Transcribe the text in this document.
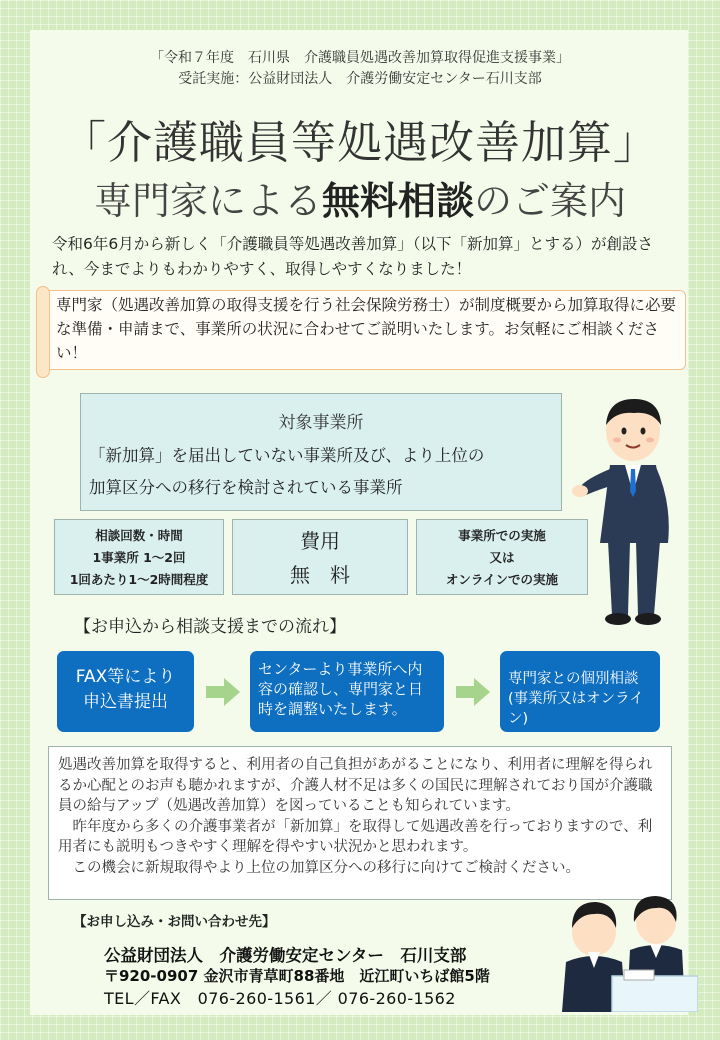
「令和７年度　石川県　介護職員処遇改善加算取得促進支援事業」
受託実施：公益財団法人　介護労働安定センター石川支部
「介護職員等処遇改善加算」
専門家による無料相談のご案内
令和6年6月から新しく「介護職員等処遇改善加算」（以下「新加算」とする）が創設され、今までよりもわかりやすく、取得しやすくなりました！
専門家（処遇改善加算の取得支援を行う社会保険労務士）が制度概要から加算取得に必要な準備・申請まで、事業所の状況に合わせてご説明いたします。お気軽にご相談ください！
対象事業所
「新加算」を届出していない事業所及び、より上位の
加算区分への移行を検討されている事業所
相談回数・時間
1事業所 1～2回
1回あたり1～2時間程度
費用
無　料
事業所での実施
又は
オンラインでの実施
【お申込から相談支援までの流れ】
FAX等により
申込書提出
センターより事業所へ内
容の確認し、専門家と日
時を調整いたします。
専門家との個別相談
(事業所又はオンライン)

処遇改善加算を取得すると、利用者の自己負担があがることになり、利用者に理解を得られるか心配とのお声も聴かれますが、介護人材不足は多くの国民に理解されており国が介護職員の給与アップ（処遇改善加算）を図っていることも知られています。

　昨年度から多くの介護事業者が「新加算」を取得して処遇改善を行っておりますので、利用者にも説明もつきやすく理解を得やすい状況かと思われます。

　この機会に新規取得やより上位の加算区分への移行に向けてご検討ください。

【お申し込み・お問い合わせ先】
公益財団法人　介護労働安定センター　石川支部
〒920-0907 金沢市青草町88番地　近江町いちば館5階
TEL／FAX　076-260-1561／ 076-260-1562
